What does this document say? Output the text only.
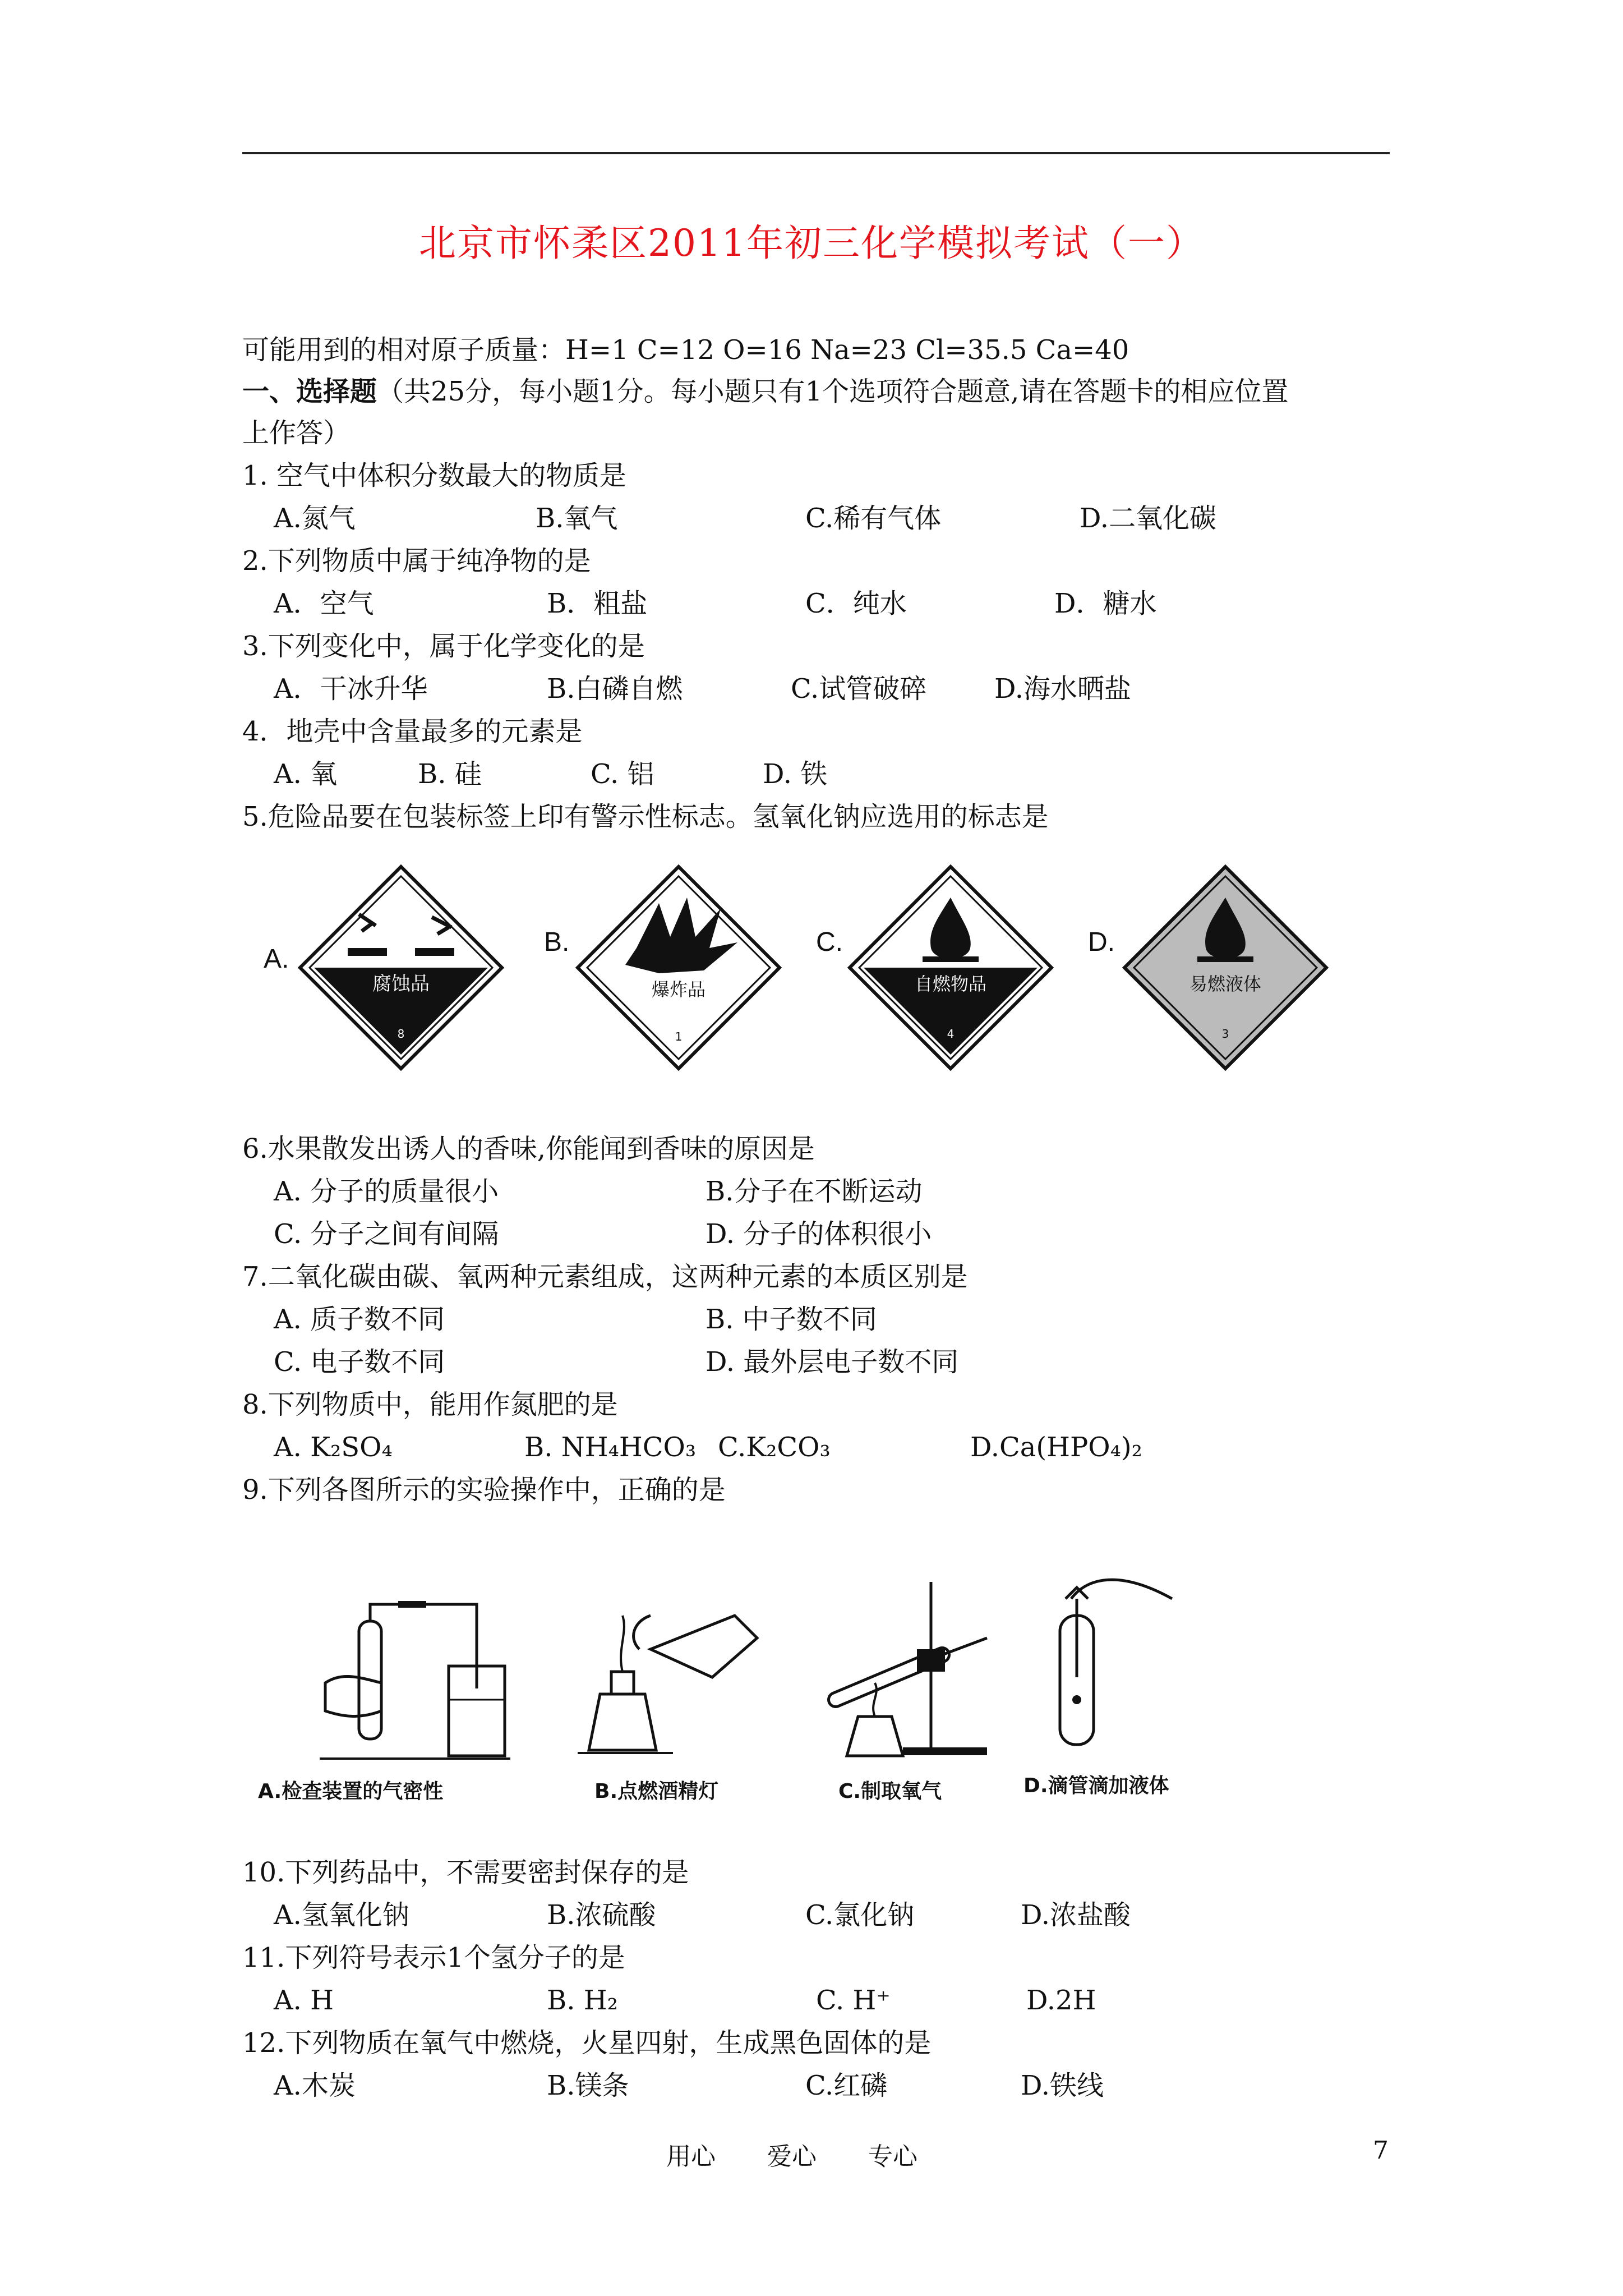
北京市怀柔区2011年初三化学模拟考试（一）
可能用到的相对原子质量：H=1 C=12 O=16 Na=23 Cl=35.5 Ca=40
一、选择题（共25分，每小题1分。每小题只有1个选项符合题意,请在答题卡的相应位置
上作答）
1. 空气中体积分数最大的物质是
A.氮气	B.氧气	C.稀有气体	D.二氧化碳
2.下列物质中属于纯净物的是
A．空气	B．粗盐	C．纯水	D．糖水
3.下列变化中，属于化学变化的是
A．干冰升华	B.白磷自燃	C.试管破碎	D.海水晒盐
4．地壳中含量最多的元素是
A. 氧	B. 硅	C. 铝	D. 铁
5.危险品要在包装标签上印有警示性标志。氢氧化钠应选用的标志是
A.
腐蚀品
8
B.
爆炸品
1
C.
自燃物品
4
D.
易燃液体
3
6.水果散发出诱人的香味,你能闻到香味的原因是
A. 分子的质量很小	B.分子在不断运动
C. 分子之间有间隔	D. 分子的体积很小
7.二氧化碳由碳、氧两种元素组成，这两种元素的本质区别是
A. 质子数不同	B. 中子数不同
C. 电子数不同	D. 最外层电子数不同
8.下列物质中，能用作氮肥的是
A. K₂SO₄	B. NH₄HCO₃ C.K₂CO₃	D.Ca(HPO₄)₂
9.下列各图所示的实验操作中，正确的是
A.检查装置的气密性	B.点燃酒精灯	C.制取氧气	D.滴管滴加液体
10.下列药品中，不需要密封保存的是
A.氢氧化钠	B.浓硫酸	C.氯化钠	D.浓盐酸
11.下列符号表示1个氢分子的是
A. H	B. H₂	C. H⁺	D.2H
12.下列物质在氧气中燃烧，火星四射，生成黑色固体的是
A.木炭	B.镁条	C.红磷	D.铁线
用心 爱心 专心	7
